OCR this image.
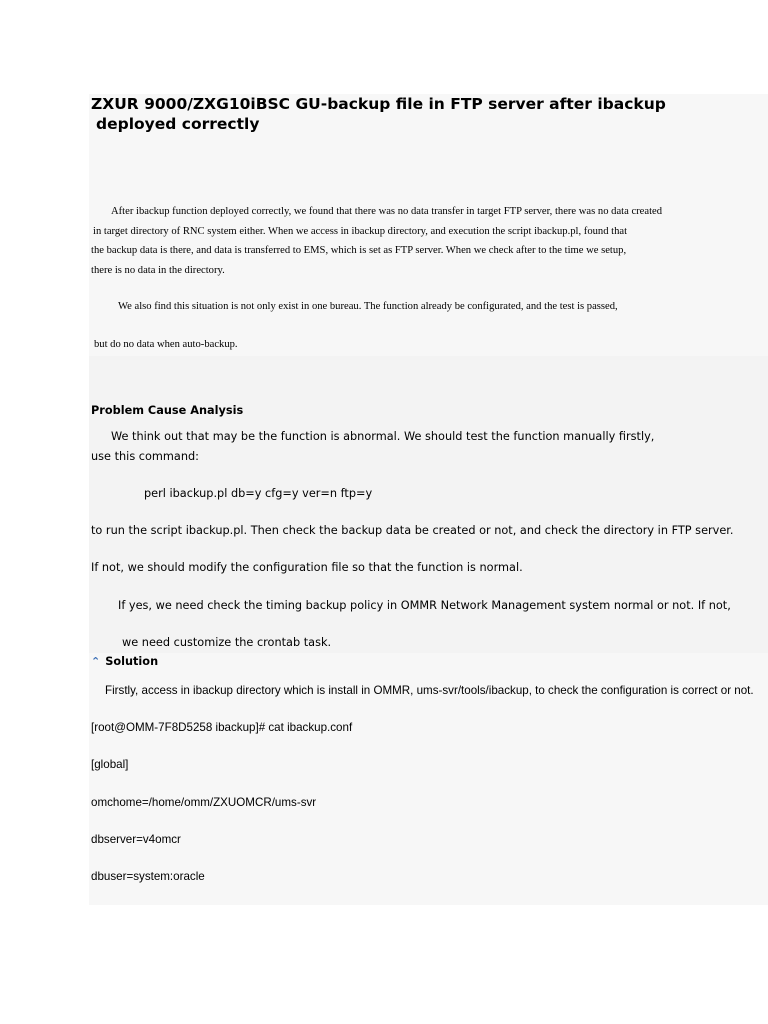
ZXUR 9000/ZXG10iBSC GU-backup file in FTP server after ibackup
deployed correctly
After ibackup function deployed correctly, we found that there was no data transfer in target FTP server, there was no data created
in target directory of RNC system either. When we access in ibackup directory, and execution the script ibackup.pl, found that
the backup data is there, and data is transferred to EMS, which is set as FTP server. When we check after to the time we setup,
there is no data in the directory.
We also find this situation is not only exist in one bureau. The function already be configurated, and the test is passed,
but do no data when auto-backup.
Problem Cause Analysis
We think out that may be the function is abnormal. We should test the function manually firstly,
use this command:
perl ibackup.pl db=y cfg=y ver=n ftp=y
to run the script ibackup.pl. Then check the backup data be created or not, and check the directory in FTP server.
If not, we should modify the configuration file so that the function is normal.
If yes, we need check the timing backup policy in OMMR Network Management system normal or not. If not,
we need customize the crontab task.
⌃ Solution
Firstly, access in ibackup directory which is install in OMMR, ums-svr/tools/ibackup, to check the configuration is correct or not.
[root@OMM-7F8D5258 ibackup]# cat ibackup.conf
[global]
omchome=/home/omm/ZXUOMCR/ums-svr
dbserver=v4omcr
dbuser=system:oracle
